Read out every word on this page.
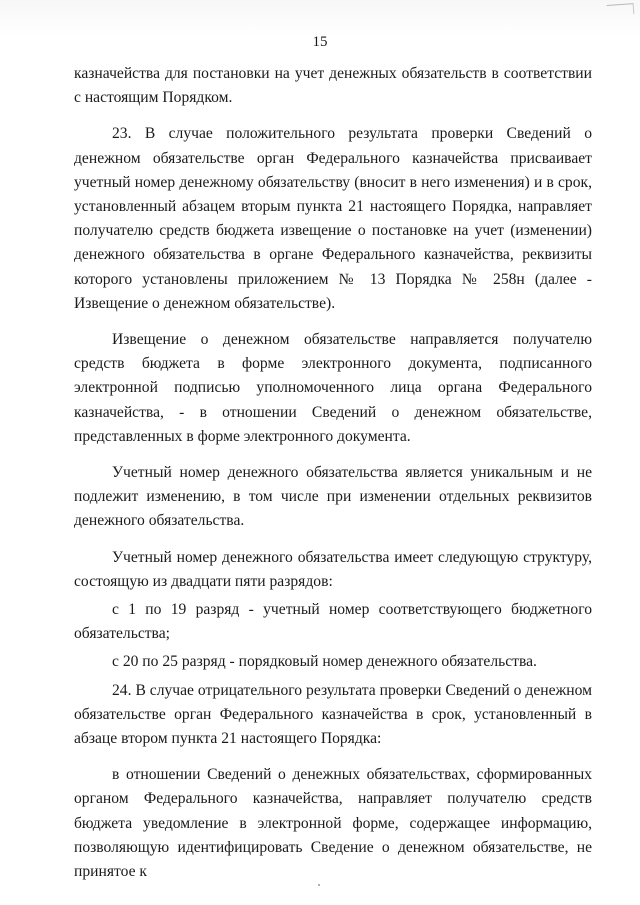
15

казначейства для постановки на учет денежных обязательств в соответствии с настоящим Порядком.

23. В случае положительного результата проверки Сведений о денежном обязательстве орган Федерального казначейства присваивает учетный номер денежному обязательству (вносит в него изменения) и в срок, установленный абзацем вторым пункта 21 настоящего Порядка, направляет получателю средств бюджета извещение о постановке на учет (изменении) денежного обязательства в органе Федерального казначейства, реквизиты которого установлены приложением № 13 Порядка № 258н (далее - Извещение о денежном обязательстве).

Извещение о денежном обязательстве направляется получателю средств бюджета в форме электронного документа, подписанного электронной подписью уполномоченного лица органа Федерального казначейства, - в отношении Сведений о денежном обязательстве, представленных в форме электронного документа.

Учетный номер денежного обязательства является уникальным и не подлежит изменению, в том числе при изменении отдельных реквизитов денежного обязательства.

Учетный номер денежного обязательства имеет следующую структуру, состоящую из двадцати пяти разрядов:

с 1 по 19 разряд - учетный номер соответствующего бюджетного обязательства;

с 20 по 25 разряд - порядковый номер денежного обязательства.

24. В случае отрицательного результата проверки Сведений о денежном обязательстве орган Федерального казначейства в срок, установленный в абзаце втором пункта 21 настоящего Порядка:

в отношении Сведений о денежных обязательствах, сформированных органом Федерального казначейства, направляет получателю средств бюджета уведомление в электронной форме, содержащее информацию, позволяющую идентифицировать Сведение о денежном обязательстве, не принятое к
